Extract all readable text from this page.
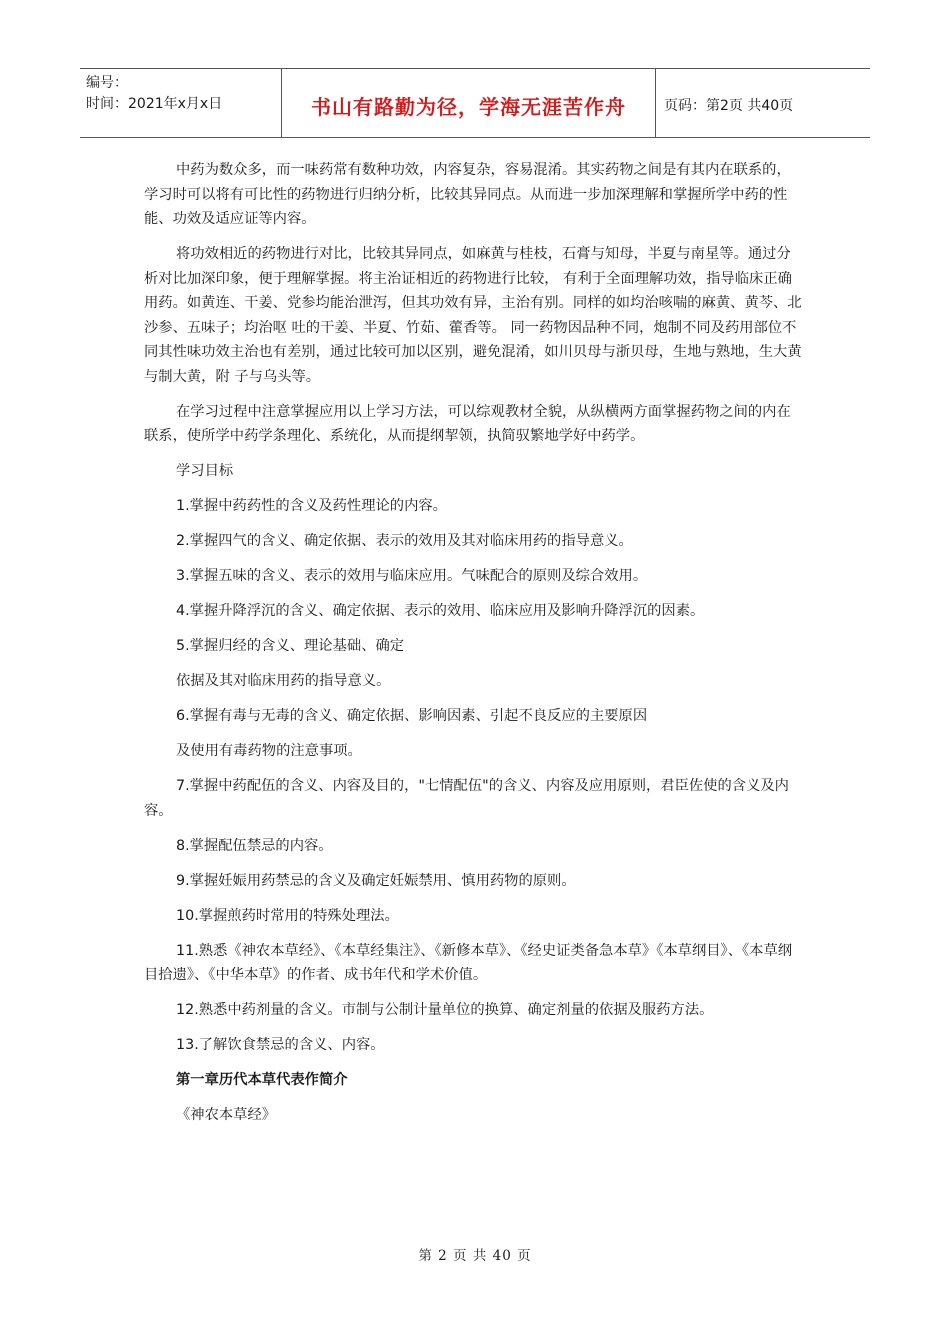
编号：
时间：2021年x月x日	书山有路勤为径，学海无涯苦作舟	页码：第2页 共40页

中药为数众多，而一味药常有数种功效，内容复杂，容易混淆。其实药物之间是有其内在联系的，学习时可以将有可比性的药物进行归纳分析，比较其异同点。从而进一步加深理解和掌握所学中药的性能、功效及适应证等内容。

将功效相近的药物进行对比，比较其异同点，如麻黄与桂枝，石膏与知母，半夏与南星等。通过分析对比加深印象，便于理解掌握。将主治证相近的药物进行比较， 有利于全面理解功效，指导临床正确用药。如黄连、干姜、党参均能治泄泻，但其功效有异，主治有别。同样的如均治咳喘的麻黄、黄芩、北沙参、五味子；均治呕 吐的干姜、半夏、竹茹、藿香等。 同一药物因品种不同，炮制不同及药用部位不同其性味功效主治也有差别，通过比较可加以区别，避免混淆，如川贝母与浙贝母，生地与熟地，生大黄与制大黄，附 子与乌头等。

在学习过程中注意掌握应用以上学习方法，可以综观教材全貌，从纵横两方面掌握药物之间的内在联系，使所学中药学条理化、系统化，从而提纲挈领，执简驭繁地学好中药学。

学习目标

1.掌握中药药性的含义及药性理论的内容。

2.掌握四气的含义、确定依据、表示的效用及其对临床用药的指导意义。

3.掌握五味的含义、表示的效用与临床应用。气味配合的原则及综合效用。

4.掌握升降浮沉的含义、确定依据、表示的效用、临床应用及影响升降浮沉的因素。

5.掌握归经的含义、理论基础、确定

依据及其对临床用药的指导意义。

6.掌握有毒与无毒的含义、确定依据、影响因素、引起不良反应的主要原因

及使用有毒药物的注意事项。

7.掌握中药配伍的含义、内容及目的，"七情配伍"的含义、内容及应用原则，君臣佐使的含义及内容。

8.掌握配伍禁忌的内容。

9.掌握妊娠用药禁忌的含义及确定妊娠禁用、慎用药物的原则。

10.掌握煎药时常用的特殊处理法。

11.熟悉《神农本草经》、《本草经集注》、《新修本草》、《经史证类备急本草》《本草纲目》、《本草纲目拾遗》、《中华本草》的作者、成书年代和学术价值。

12.熟悉中药剂量的含义。市制与公制计量单位的换算、确定剂量的依据及服药方法。

13.了解饮食禁忌的含义、内容。

第一章历代本草代表作简介

《神农本草经》

第 2 页 共 40 页
